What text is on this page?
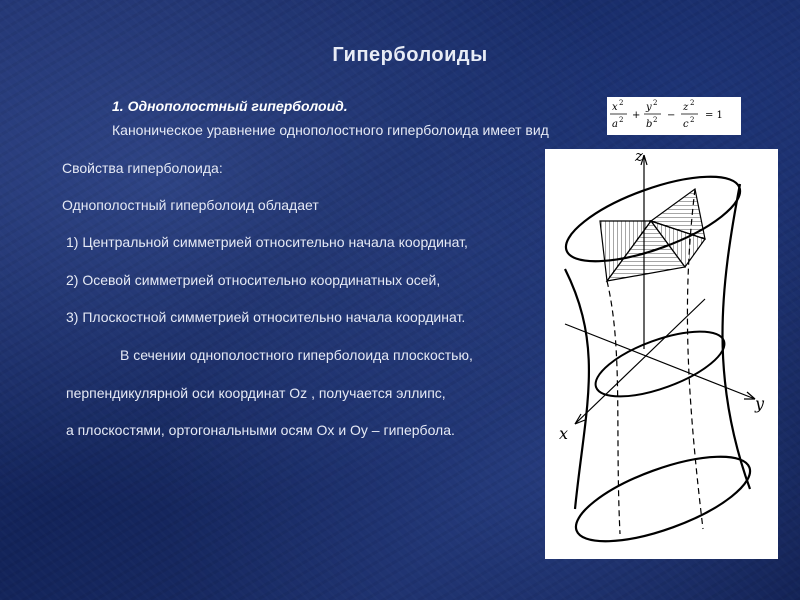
Гиперболоиды
1. Однополостный гиперболоид.
Каноническое уравнение однополостного гиперболоида имеет вид
x 2
a 2 +
y 2
b 2 −
z 2
c 2 = 1
Свойства гиперболоида:
Однополостный гиперболоид обладает
1) Центральной симметрией относительно начала координат,
2) Осевой симметрией относительно координатных осей,
3) Плоскостной симметрией относительно начала координат.
В сечении однополостного гиперболоида плоскостью,
перпендикулярной оси координат Oz , получается эллипс,
а плоскостями, ортогональными осям Ox и Oy – гипербола.
z
y
x
